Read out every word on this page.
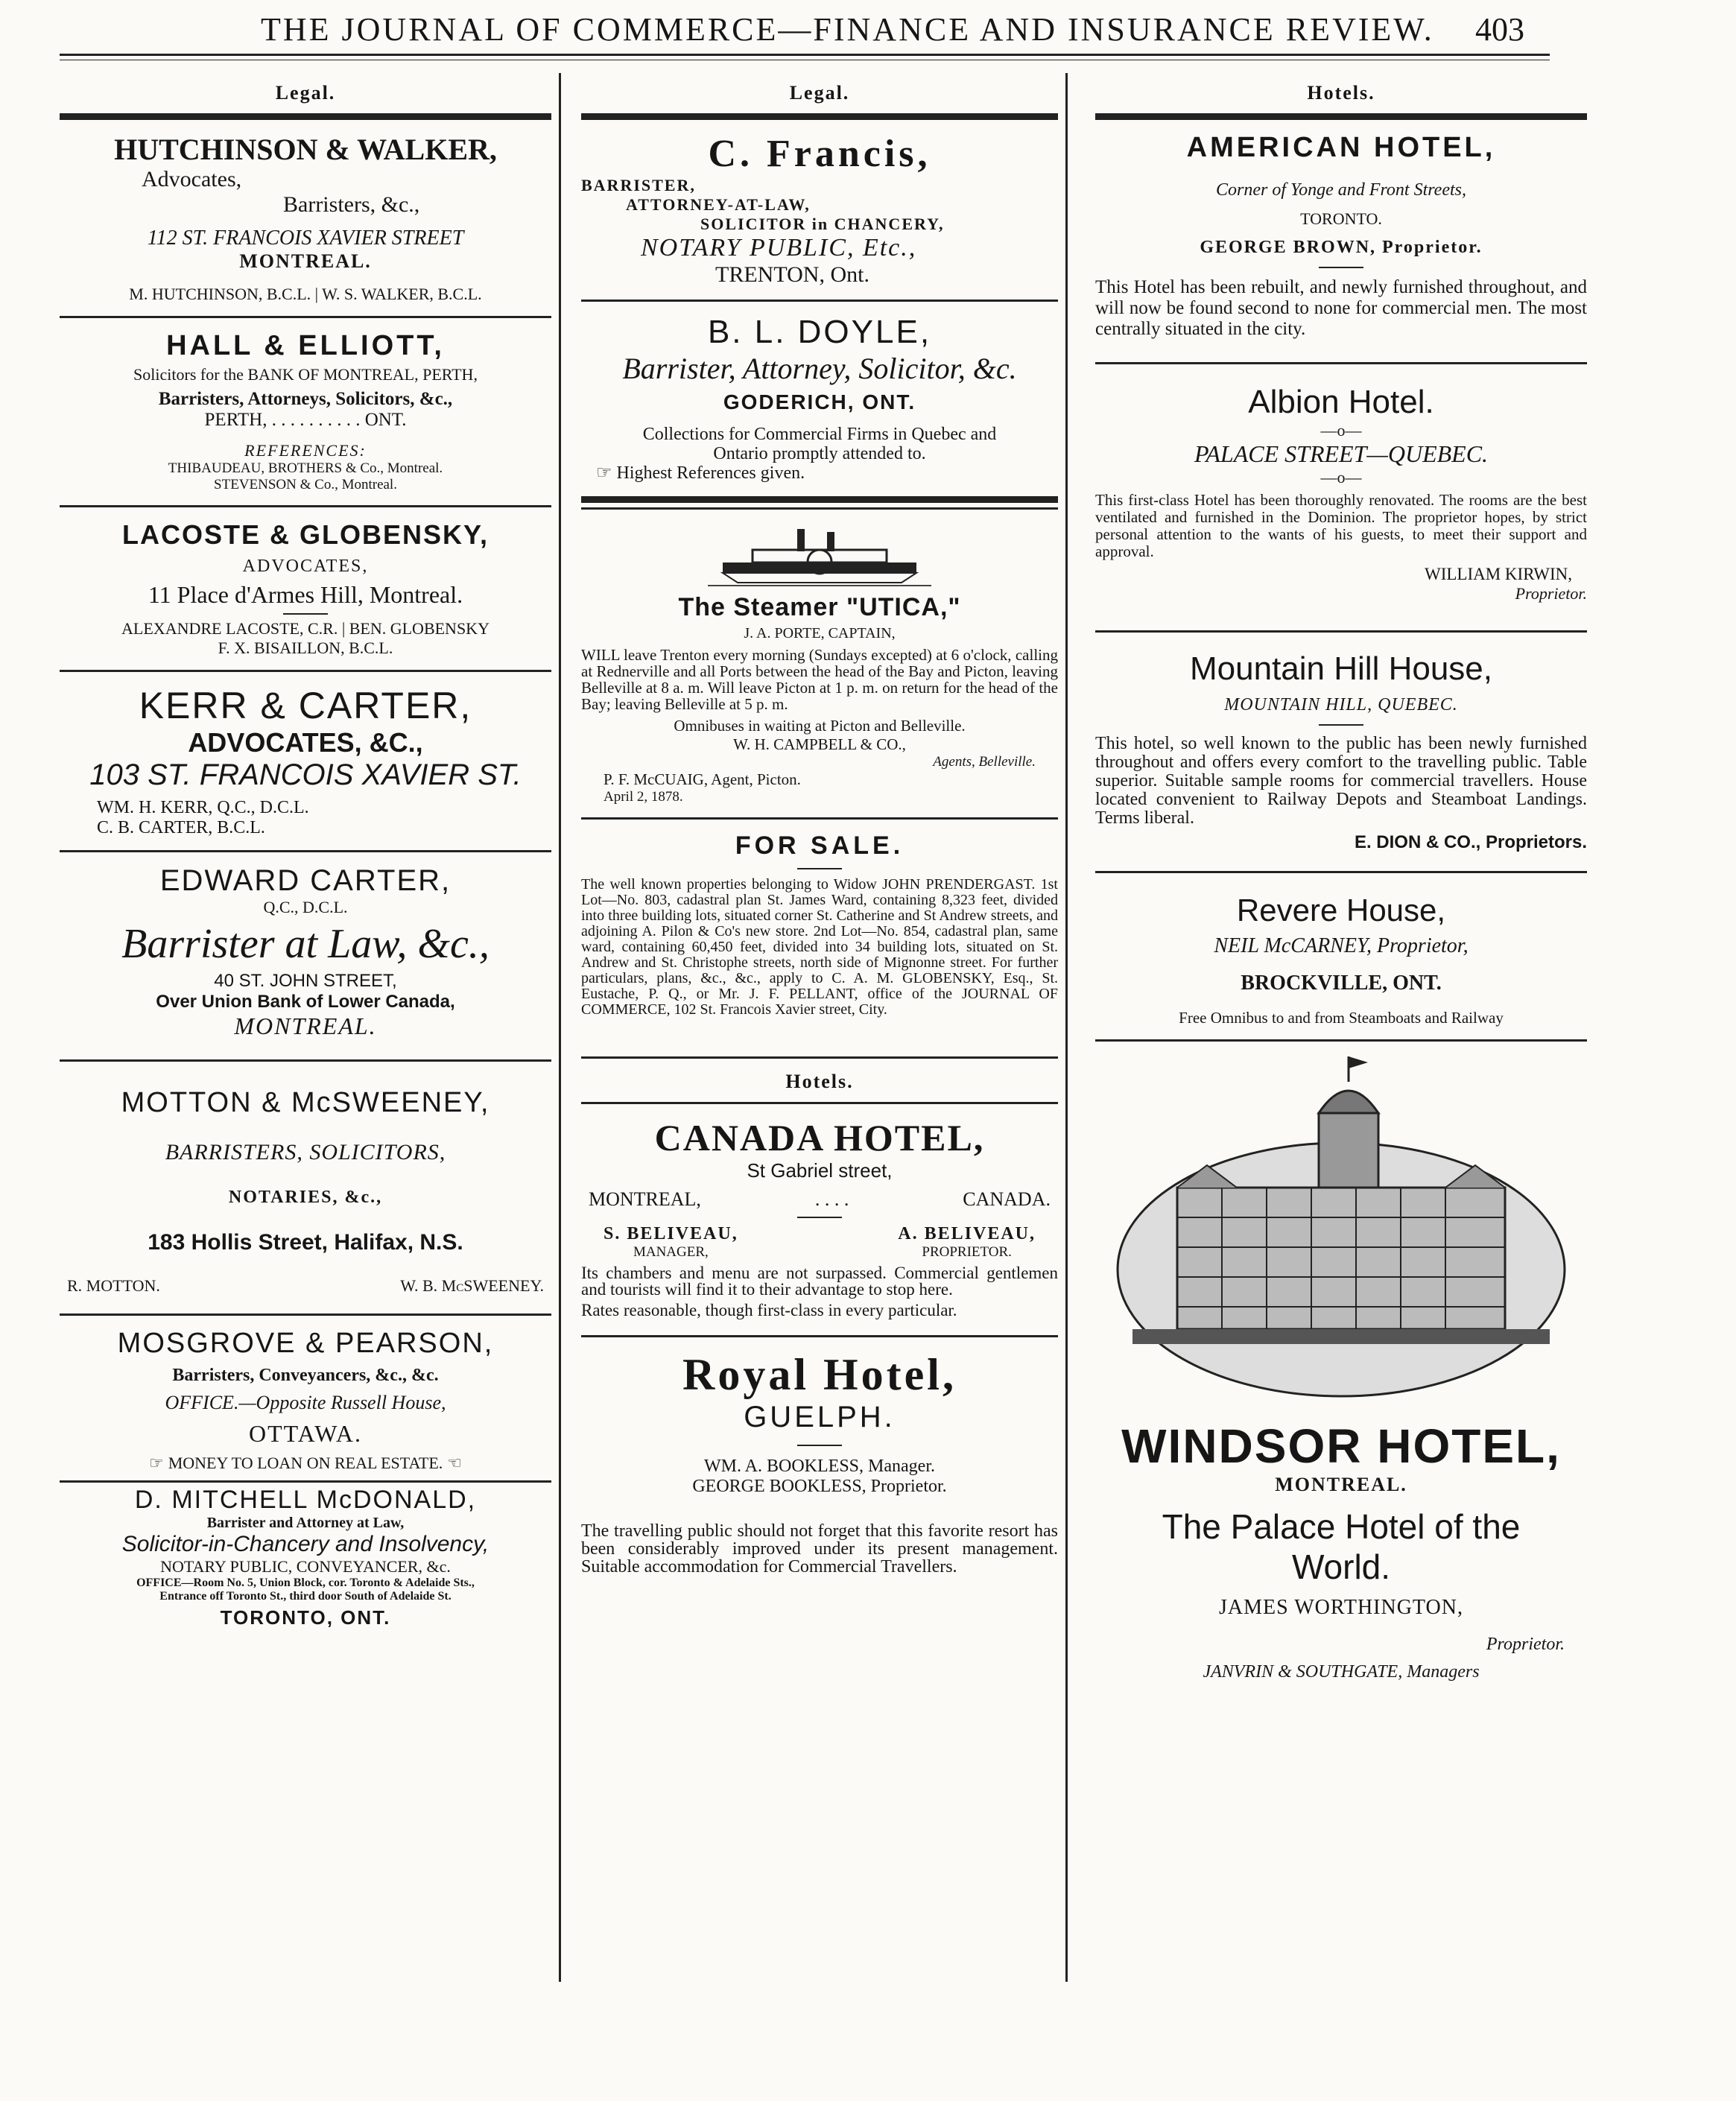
THE JOURNAL OF COMMERCE—FINANCE AND INSURANCE REVIEW. 403
Legal.
HUTCHINSON & WALKER,
Advocates,
Barristers, &c.,
112 ST. FRANCOIS XAVIER STREET
MONTREAL.
M. HUTCHINSON, B.C.L. | W. S. WALKER, B.C.L.
HALL & ELLIOTT,
Solicitors for the BANK OF MONTREAL, PERTH,
Barristers, Attorneys, Solicitors, &c.,
PERTH, . . . . . . . . . . ONT.
REFERENCES:
THIBAUDEAU, BROTHERS & Co., Montreal.
STEVENSON & Co., Montreal.
LACOSTE & GLOBENSKY,
ADVOCATES,
11 Place d'Armes Hill, Montreal.
ALEXANDRE LACOSTE, C.R. | BEN. GLOBENSKY
F. X. BISAILLON, B.C.L.
KERR & CARTER,
ADVOCATES, &C.,
103 ST. FRANCOIS XAVIER ST.
WM. H. KERR, Q.C., D.C.L.
C. B. CARTER, B.C.L.
EDWARD CARTER,
Q.C., D.C.L.
Barrister at Law, &c.,
40 ST. JOHN STREET,
Over Union Bank of Lower Canada,
MONTREAL.
MOTTON & McSWEENEY,
BARRISTERS, SOLICITORS,
NOTARIES, &c.,
183 Hollis Street, Halifax, N.S.
R. MOTTON.	W. B. McSWEENEY.
MOSGROVE & PEARSON,
Barristers, Conveyancers, &c., &c.
OFFICE.—Opposite Russell House,
OTTAWA.
☞ MONEY TO LOAN ON REAL ESTATE. ☜
D. MITCHELL McDONALD,
Barrister and Attorney at Law,
Solicitor-in-Chancery and Insolvency,
NOTARY PUBLIC, CONVEYANCER, &c.
OFFICE—Room No. 5, Union Block, cor. Toronto & Adelaide Sts.,
Entrance off Toronto St., third door South of Adelaide St.
TORONTO, ONT.
Legal.
C. Francis,
BARRISTER,
ATTORNEY-AT-LAW,
SOLICITOR in CHANCERY,
NOTARY PUBLIC, Etc.,
TRENTON, Ont.
B. L. DOYLE,
Barrister, Attorney, Solicitor, &c.
GODERICH, ONT.
Collections for Commercial Firms in Quebec and
Ontario promptly attended to.
☞ Highest References given.
The Steamer "UTICA,"
J. A. PORTE, CAPTAIN,

WILL leave Trenton every morning (Sundays excepted) at 6 o'clock, calling at Rednerville and all Ports between the head of the Bay and Picton, leaving Belleville at 8 a. m. Will leave Picton at 1 p. m. on return for the head of the Bay; leaving Belleville at 5 p. m.

Omnibuses in waiting at Picton and Belleville.
W. H. CAMPBELL & CO.,
Agents, Belleville.
P. F. McCUAIG, Agent, Picton.
April 2, 1878.
FOR SALE.

The well known properties belonging to Widow JOHN PRENDERGAST. 1st Lot—No. 803, cadastral plan St. James Ward, containing 8,323 feet, divided into three building lots, situated corner St. Catherine and St Andrew streets, and adjoining A. Pilon & Co's new store. 2nd Lot—No. 854, cadastral plan, same ward, containing 60,450 feet, divided into 34 building lots, situated on St. Andrew and St. Christophe streets, north side of Mignonne street. For further particulars, plans, &c., &c., apply to C. A. M. GLOBENSKY, Esq., St. Eustache, P. Q., or Mr. J. F. PELLANT, office of the JOURNAL OF COMMERCE, 102 St. Francois Xavier street, City.

Hotels.
CANADA HOTEL,
St Gabriel street,
MONTREAL,	. . . .	CANADA.
S. BELIVEAU,
MANAGER,
A. BELIVEAU,
PROPRIETOR.

Its chambers and menu are not surpassed. Commercial gentlemen and tourists will find it to their advantage to stop here.

Rates reasonable, though first-class in every particular.

Royal Hotel,
GUELPH.
WM. A. BOOKLESS, Manager.
GEORGE BOOKLESS, Proprietor.

The travelling public should not forget that this favorite resort has been considerably improved under its present management. Suitable accommodation for Commercial Travellers.

Hotels.
AMERICAN HOTEL,
Corner of Yonge and Front Streets,
TORONTO.
GEORGE BROWN, Proprietor.

This Hotel has been rebuilt, and newly furnished throughout, and will now be found second to none for commercial men. The most centrally situated in the city.

Albion Hotel.
—o—
PALACE STREET—QUEBEC.
—o—

This first-class Hotel has been thoroughly renovated. The rooms are the best ventilated and furnished in the Dominion. The proprietor hopes, by strict personal attention to the wants of his guests, to meet their support and approval.

WILLIAM KIRWIN,
Proprietor.
Mountain Hill House,
MOUNTAIN HILL, QUEBEC.

This hotel, so well known to the public has been newly furnished throughout and offers every comfort to the travelling public. Table superior. Suitable sample rooms for commercial travellers. House located convenient to Railway Depots and Steamboat Landings. Terms liberal.

E. DION & CO., Proprietors.
Revere House,
NEIL McCARNEY, Proprietor,
BROCKVILLE, ONT.
Free Omnibus to and from Steamboats and Railway
WINDSOR HOTEL,
MONTREAL.
The Palace Hotel of the
World.
JAMES WORTHINGTON,
Proprietor.
JANVRIN & SOUTHGATE, Managers
